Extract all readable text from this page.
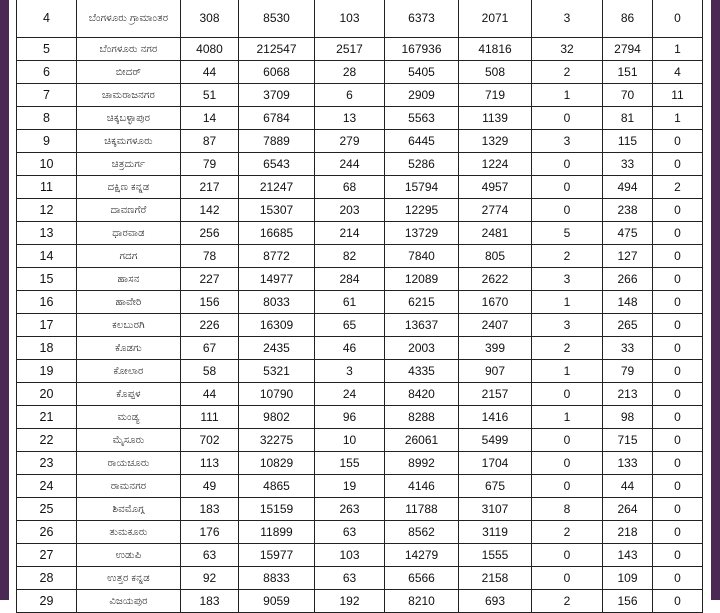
4	ಬೆಂಗಳೂರು ಗ್ರಾಮಾಂತರ	308	8530	103	6373	2071	3	86	0
5	ಬೆಂಗಳೂರು ನಗರ	4080	212547	2517	167936	41816	32	2794	1
6	ಬೀದರ್	44	6068	28	5405	508	2	151	4
7	ಚಾಮರಾಜನಗರ	51	3709	6	2909	719	1	70	11
8	ಚಿಕ್ಕಬಳ್ಳಾಪುರ	14	6784	13	5563	1139	0	81	1
9	ಚಿಕ್ಕಮಗಳೂರು	87	7889	279	6445	1329	3	115	0
10	ಚಿತ್ರದುರ್ಗ	79	6543	244	5286	1224	0	33	0
11	ದಕ್ಷಿಣ ಕನ್ನಡ	217	21247	68	15794	4957	0	494	2
12	ದಾವಣಗೆರೆ	142	15307	203	12295	2774	0	238	0
13	ಧಾರವಾಡ	256	16685	214	13729	2481	5	475	0
14	ಗದಗ	78	8772	82	7840	805	2	127	0
15	ಹಾಸನ	227	14977	284	12089	2622	3	266	0
16	ಹಾವೇರಿ	156	8033	61	6215	1670	1	148	0
17	ಕಲಬುರಗಿ	226	16309	65	13637	2407	3	265	0
18	ಕೊಡಗು	67	2435	46	2003	399	2	33	0
19	ಕೋಲಾರ	58	5321	3	4335	907	1	79	0
20	ಕೊಪ್ಪಳ	44	10790	24	8420	2157	0	213	0
21	ಮಂಡ್ಯ	111	9802	96	8288	1416	1	98	0
22	ಮೈಸೂರು	702	32275	10	26061	5499	0	715	0
23	ರಾಯಚೂರು	113	10829	155	8992	1704	0	133	0
24	ರಾಮನಗರ	49	4865	19	4146	675	0	44	0
25	ಶಿವಮೊಗ್ಗ	183	15159	263	11788	3107	8	264	0
26	ತುಮಕೂರು	176	11899	63	8562	3119	2	218	0
27	ಉಡುಪಿ	63	15977	103	14279	1555	0	143	0
28	ಉತ್ತರ ಕನ್ನಡ	92	8833	63	6566	2158	0	109	0
29	ವಿಜಯಪುರ	183	9059	192	8210	693	2	156	0
